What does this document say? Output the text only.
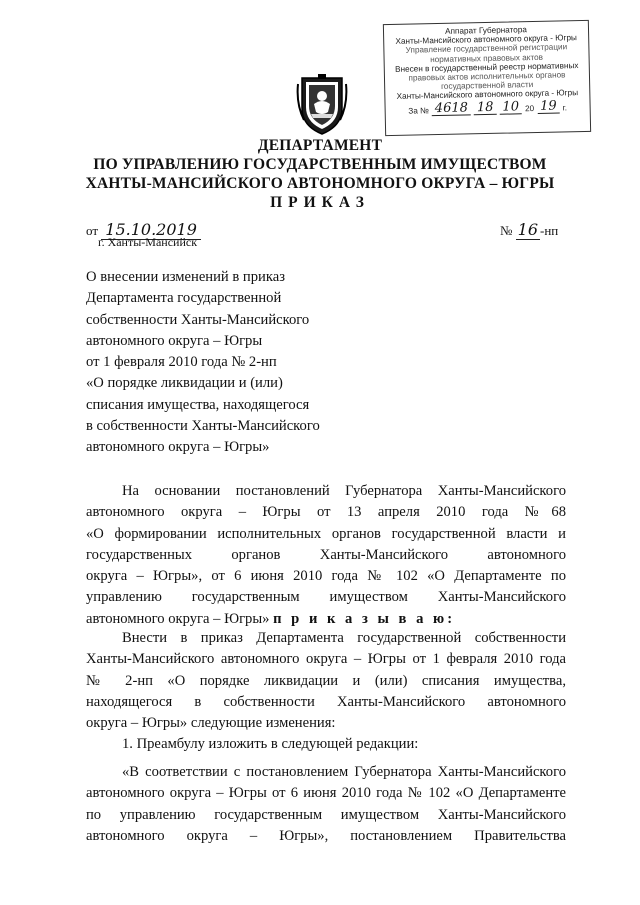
Аппарат Губернатора
Ханты-Мансийского автономного округа - Югры
Управление государственной регистрации
нормативных правовых актов
Внесен в государственный реестр нормативных
правовых актов исполнительных органов
государственной власти
Ханты-Мансийского автономного округа - Югры
За № 4618 18 10 20 19 г.
ДЕПАРТАМЕНТ
ПО УПРАВЛЕНИЮ ГОСУДАРСТВЕННЫМ ИМУЩЕСТВОМ
ХАНТЫ-МАНСИЙСКОГО АВТОНОМНОГО ОКРУГА – ЮГРЫ
ПРИКАЗ
от 15.10.2019
г. Ханты-Мансийск
№ 16 -нп
О внесении изменений в приказ
Департамента государственной
собственности Ханты-Мансийского
автономного округа – Югры
от 1 февраля 2010 года № 2-нп
«О порядке ликвидации и (или)
списания имущества, находящегося
в собственности Ханты-Мансийского
автономного округа – Югры»
На основании постановлений Губернатора Ханты-Мансийского
автономного округа – Югры от 13 апреля 2010 года №68
«О формировании исполнительных органов государственной власти и
государственных органов Ханты-Мансийского автономного
округа – Югры», от 6 июня 2010 года № 102 «О Департаменте по
управлению государственным имуществом Ханты-Мансийского
автономного округа – Югры» п р и к а з ы в а ю:
Внести в приказ Департамента государственной собственности
Ханты-Мансийского автономного округа – Югры от 1 февраля 2010 года
№ 2-нп «О порядке ликвидации и (или) списания имущества,
находящегося в собственности Ханты-Мансийского автономного
округа – Югры» следующие изменения:
1. Преамбулу изложить в следующей редакции:
«В соответствии с постановлением Губернатора Ханты-Мансийского
автономного округа – Югры от 6 июня 2010 года № 102 «О Департаменте
по управлению государственным имуществом Ханты-Мансийского
автономного округа – Югры», постановлением Правительства
